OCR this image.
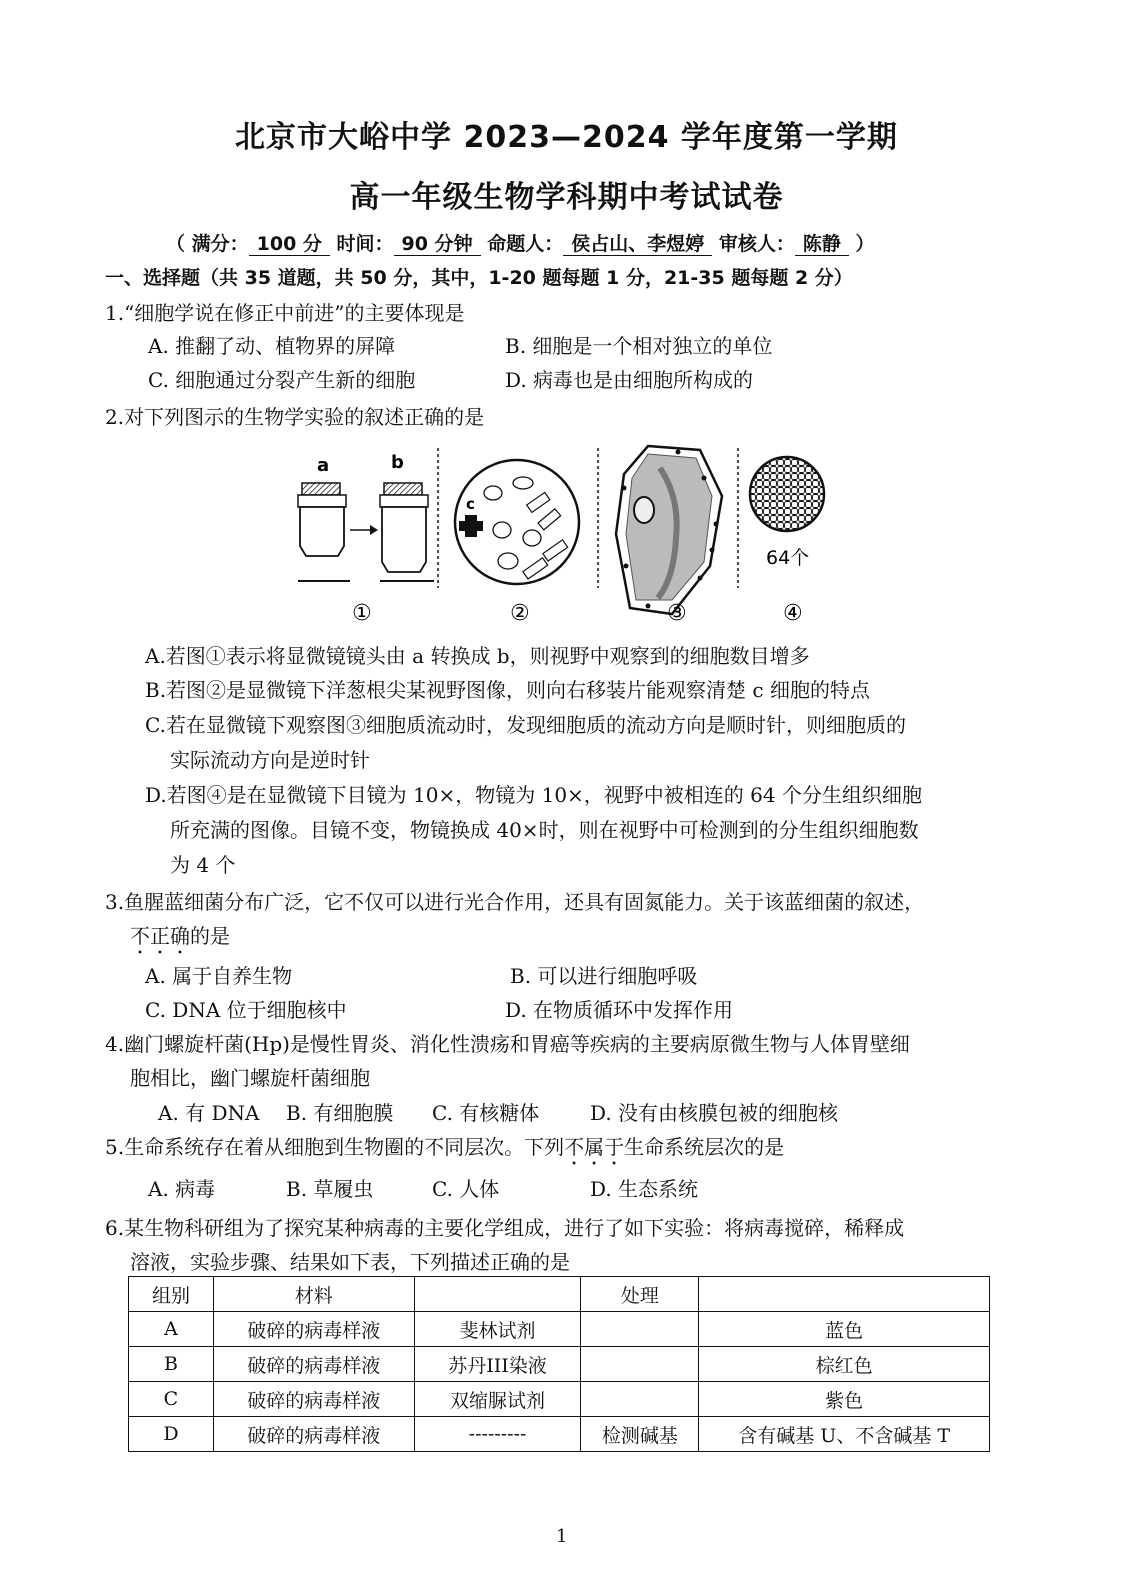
北京市大峪中学 2023—2024 学年度第一学期
高一年级生物学科期中考试试卷
（ 满分： 100 分 时间： 90 分钟 命题人： 侯占山、李煜婷 审核人： 陈静 ）
一、选择题（共 35 道题，共 50 分，其中，1-20 题每题 1 分，21-35 题每题 2 分）
1.“细胞学说在修正中前进”的主要体现是
A. 推翻了动、植物界的屏障	B. 细胞是一个相对独立的单位
C. 细胞通过分裂产生新的细胞	D. 病毒也是由细胞所构成的
2.对下列图示的生物学实验的叙述正确的是
a	b
c
64个
①	②	③	④
A.若图①表示将显微镜镜头由 a 转换成 b，则视野中观察到的细胞数目增多
B.若图②是显微镜下洋葱根尖某视野图像，则向右移装片能观察清楚 c 细胞的特点
C.若在显微镜下观察图③细胞质流动时，发现细胞质的流动方向是顺时针，则细胞质的
实际流动方向是逆时针
D.若图④是在显微镜下目镜为 10×，物镜为 10×，视野中被相连的 64 个分生组织细胞
所充满的图像。目镜不变，物镜换成 40×时，则在视野中可检测到的分生组织细胞数
为 4 个
3.鱼腥蓝细菌分布广泛，它不仅可以进行光合作用，还具有固氮能力。关于该蓝细菌的叙述，
不正确的是
A. 属于自养生物	B. 可以进行细胞呼吸
C. DNA 位于细胞核中	D. 在物质循环中发挥作用
4.幽门螺旋杆菌(Hp)是慢性胃炎、消化性溃疡和胃癌等疾病的主要病原微生物与人体胃壁细
胞相比，幽门螺旋杆菌细胞
A. 有 DNA B. 有细胞膜 C. 有核糖体	D. 没有由核膜包被的细胞核
5.生命系统存在着从细胞到生物圈的不同层次。下列不属于生命系统层次的是
A. 病毒	B. 草履虫	C. 人体	D. 生态系统
6.某生物科研组为了探究某种病毒的主要化学组成，进行了如下实验：将病毒搅碎，稀释成
溶液，实验步骤、结果如下表，下列描述正确的是
组别	材料		处理	
A	破碎的病毒样液	斐林试剂		蓝色
B	破碎的病毒样液	苏丹III染液		棕红色
C	破碎的病毒样液	双缩脲试剂		紫色
D	破碎的病毒样液	---------	检测碱基	含有碱基 U、不含碱基 T
1
